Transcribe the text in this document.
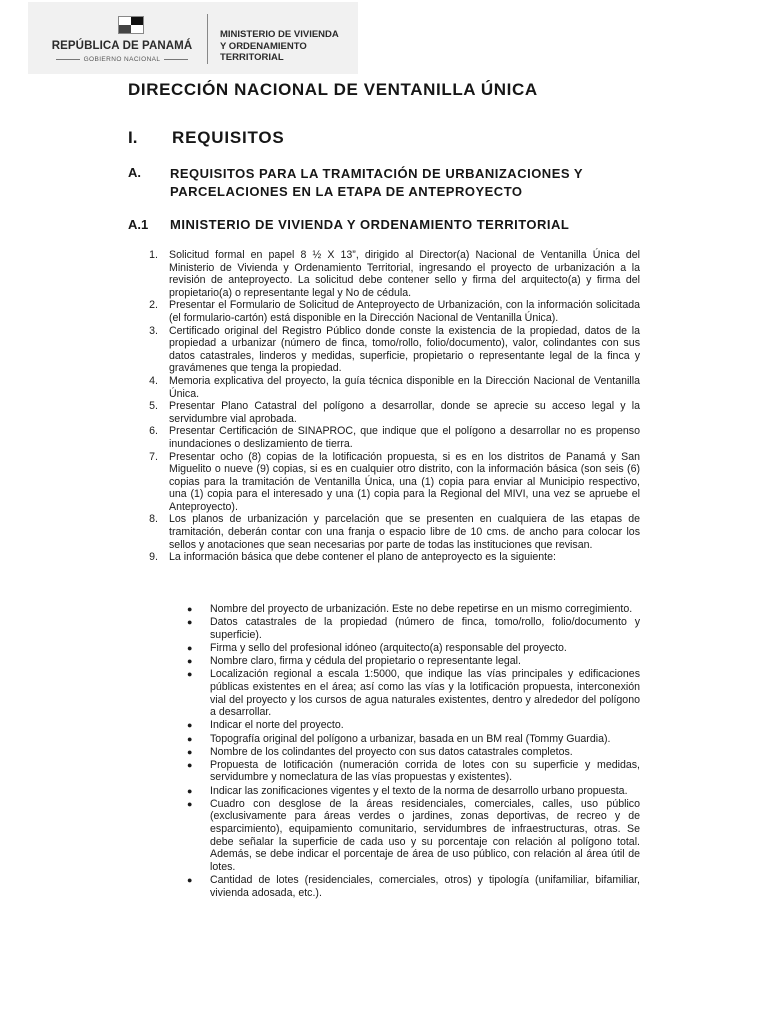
REPÚBLICA DE PANAMÁ
GOBIERNO NACIONAL
MINISTERIO DE VIVIENDA
Y ORDENAMIENTO TERRITORIAL
DIRECCIÓN NACIONAL DE VENTANILLA ÚNICA
I. REQUISITOS
A. REQUISITOS PARA LA TRAMITACIÓN DE URBANIZACIONES Y PARCELACIONES EN LA ETAPA DE ANTEPROYECTO
A.1 MINISTERIO DE VIVIENDA Y ORDENAMIENTO TERRITORIAL
1. Solicitud formal en papel 8 ½ X 13”, dirigido al Director(a) Nacional de Ventanilla Única del Ministerio de Vivienda y Ordenamiento Territorial, ingresando el proyecto de urbanización a la revisión de anteproyecto. La solicitud debe contener sello y firma del arquitecto(a) y firma del propietario(a) o representante legal y No de cédula.
2. Presentar el Formulario de Solicitud de Anteproyecto de Urbanización, con la información solicitada (el formulario-cartón) está disponible en la Dirección Nacional de Ventanilla Única).
3. Certificado original del Registro Público donde conste la existencia de la propiedad, datos de la propiedad a urbanizar (número de finca, tomo/rollo, folio/documento), valor, colindantes con sus datos catastrales, linderos y medidas, superficie, propietario o representante legal de la finca y gravámenes que tenga la propiedad.
4. Memoria explicativa del proyecto, la guía técnica disponible en la Dirección Nacional de Ventanilla Única.
5. Presentar Plano Catastral del polígono a desarrollar, donde se aprecie su acceso legal y la servidumbre vial aprobada.
6. Presentar Certificación de SINAPROC, que indique que el polígono a desarrollar no es propenso inundaciones o deslizamiento de tierra.
7. Presentar ocho (8) copias de la lotificación propuesta, si es en los distritos de Panamá y San Miguelito o nueve (9) copias, si es en cualquier otro distrito, con la información básica (son seis (6) copias para la tramitación de Ventanilla Única, una (1) copia para enviar al Municipio respectivo, una (1) copia para el interesado y una (1) copia para la Regional del MIVI, una vez se apruebe el Anteproyecto).
8. Los planos de urbanización y parcelación que se presenten en cualquiera de las etapas de tramitación, deberán contar con una franja o espacio libre de 10 cms. de ancho para colocar los sellos y anotaciones que sean necesarias por parte de todas las instituciones que revisan.
9. La información básica que debe contener el plano de anteproyecto es la siguiente:
● Nombre del proyecto de urbanización. Este no debe repetirse en un mismo corregimiento.
● Datos catastrales de la propiedad (número de finca, tomo/rollo, folio/documento y superficie).
● Firma y sello del profesional idóneo (arquitecto(a) responsable del proyecto.
● Nombre claro, firma y cédula del propietario o representante legal.
● Localización regional a escala 1:5000, que indique las vías principales y edificaciones públicas existentes en el área; así como las vías y la lotificación propuesta, interconexión vial del proyecto y los cursos de agua naturales existentes, dentro y alrededor del polígono a desarrollar.
● Indicar el norte del proyecto.
● Topografía original del polígono a urbanizar, basada en un BM real (Tommy Guardia).
● Nombre de los colindantes del proyecto con sus datos catastrales completos.
● Propuesta de lotificación (numeración corrida de lotes con su superficie y medidas, servidumbre y nomeclatura de las vías propuestas y existentes).
● Indicar las zonificaciones vigentes y el texto de la norma de desarrollo urbano propuesta.
● Cuadro con desglose de la áreas residenciales, comerciales, calles, uso público (exclusivamente para áreas verdes o jardines, zonas deportivas, de recreo y de esparcimiento), equipamiento comunitario, servidumbres de infraestructuras, otras. Se debe señalar la superficie de cada uso y su porcentaje con relación al polígono total. Además, se debe indicar el porcentaje de área de uso público, con relación al área útil de lotes.
● Cantidad de lotes (residenciales, comerciales, otros) y tipología (unifamiliar, bifamiliar, vivienda adosada, etc.).
